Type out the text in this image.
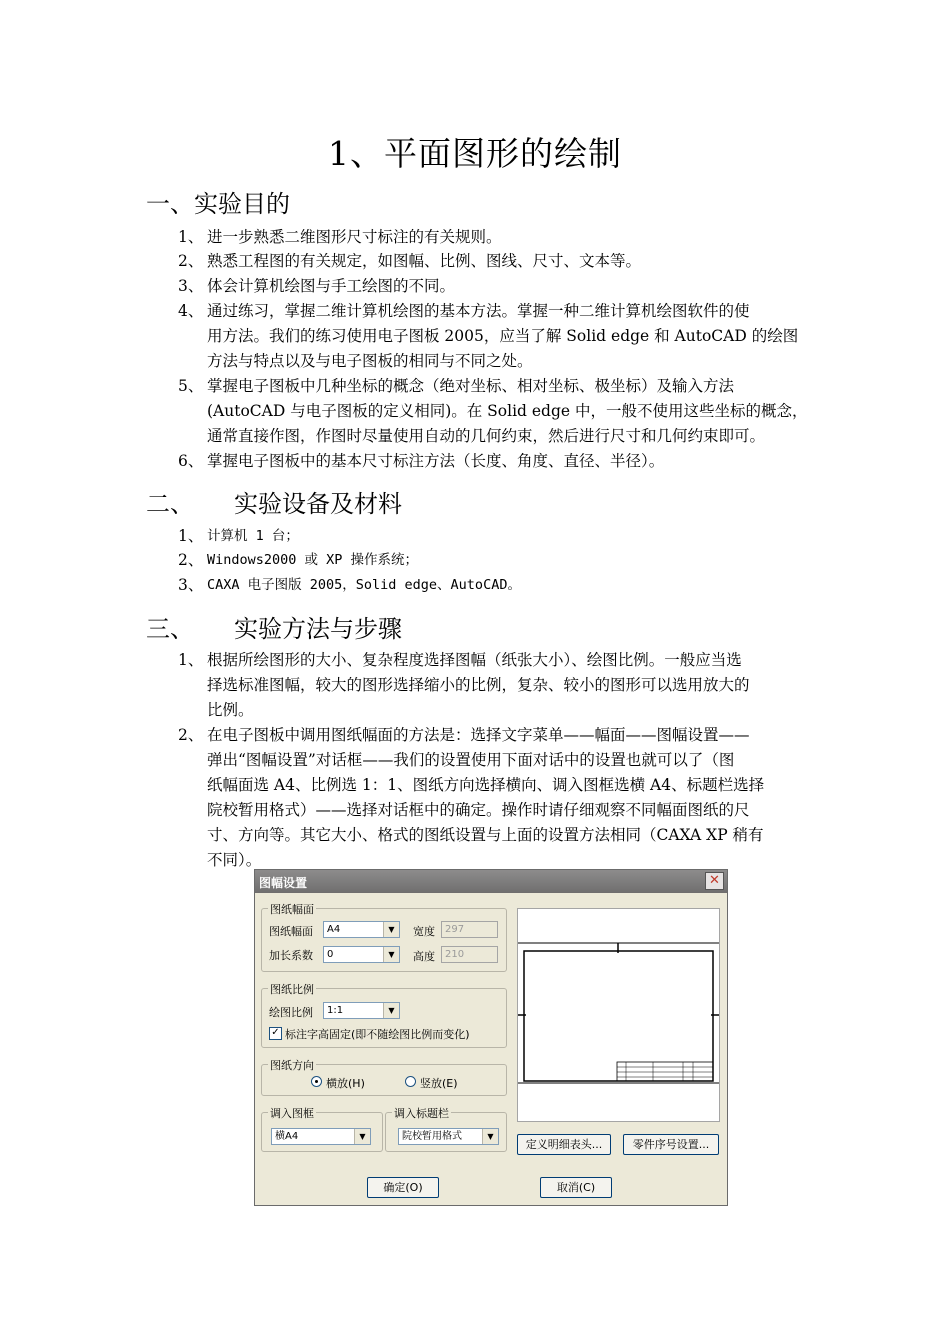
1、平面图形的绘制
一、实验目的
1、 进一步熟悉二维图形尺寸标注的有关规则。
2、 熟悉工程图的有关规定，如图幅、比例、图线、尺寸、文本等。
3、 体会计算机绘图与手工绘图的不同。
4、 通过练习，掌握二维计算机绘图的基本方法。掌握一种二维计算机绘图软件的使
用方法。我们的练习使用电子图板 2005，应当了解 Solid edge 和 AutoCAD 的绘图
方法与特点以及与电子图板的相同与不同之处。
5、 掌握电子图板中几种坐标的概念（绝对坐标、相对坐标、极坐标）及输入方法
(AutoCAD 与电子图板的定义相同)。在 Solid edge 中，一般不使用这些坐标的概念，
通常直接作图，作图时尽量使用自动的几何约束，然后进行尺寸和几何约束即可。
6、 掌握电子图板中的基本尺寸标注方法（长度、角度、直径、半径）。
二、 实验设备及材料
1、 计算机 1 台；
2、 Windows2000 或 XP 操作系统；
3、 CAXA 电子图版 2005，Solid edge、AutoCAD。
三、 实验方法与步骤
1、 根据所绘图形的大小、复杂程度选择图幅（纸张大小）、绘图比例。一般应当选
择选标准图幅，较大的图形选择缩小的比例，复杂、较小的图形可以选用放大的
比例。
2、 在电子图板中调用图纸幅面的方法是：选择文字菜单——幅面——图幅设置——
弹出“图幅设置”对话框——我们的设置使用下面对话中的设置也就可以了（图
纸幅面选 A4、比例选 1：1、图纸方向选择横向、调入图框选横 A4、标题栏选择
院校暂用格式）——选择对话框中的确定。操作时请仔细观察不同幅面图纸的尺
寸、方向等。其它大小、格式的图纸设置与上面的设置方法相同（CAXA XP 稍有
不同）。
图幅设置	✕
图纸幅面
图纸幅面	A4	▼	宽度	297
加长系数	0	▼	高度	210
图纸比例
绘图比例	1:1	▼
✓ 标注字高固定(即不随绘图比例而变化)
图纸方向
横放(H)	竖放(E)
调入图框
横A4	▼
调入标题栏
院校暂用格式	▼
定义明细表头...	零件序号设置...
确定(O)	取消(C)
